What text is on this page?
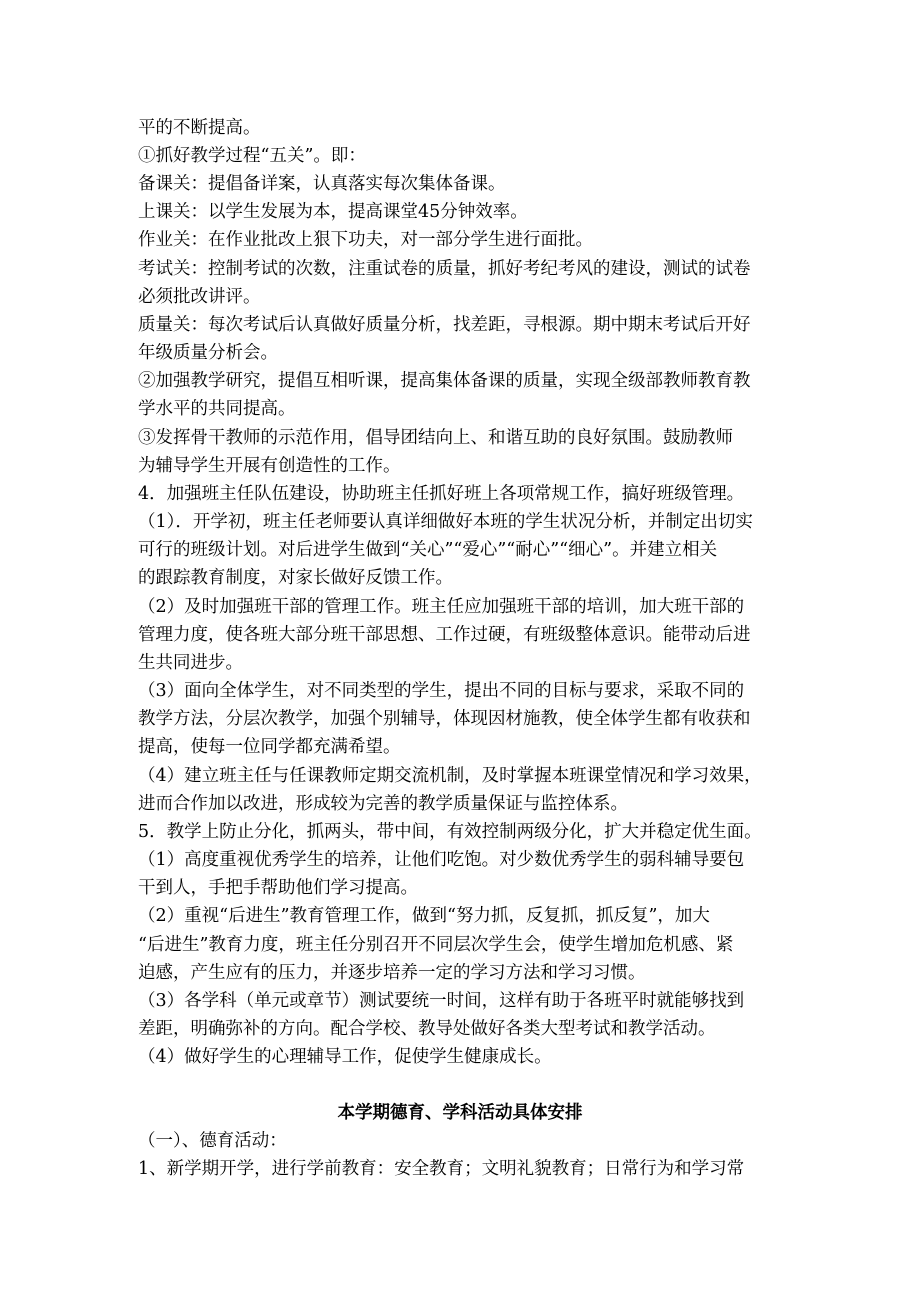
平的不断提高。
①抓好教学过程“五关”。即：
备课关：提倡备详案，认真落实每次集体备课。
上课关：以学生发展为本，提高课堂45分钟效率。
作业关：在作业批改上狠下功夫，对一部分学生进行面批。
考试关：控制考试的次数，注重试卷的质量，抓好考纪考风的建设，测试的试卷
必须批改讲评。
质量关：每次考试后认真做好质量分析，找差距，寻根源。期中期末考试后开好
年级质量分析会。
②加强教学研究，提倡互相听课，提高集体备课的质量，实现全级部教师教育教
学水平的共同提高。
③发挥骨干教师的示范作用，倡导团结向上、和谐互助的良好氛围。鼓励教师
为辅导学生开展有创造性的工作。
4．加强班主任队伍建设，协助班主任抓好班上各项常规工作，搞好班级管理。
（1）．开学初，班主任老师要认真详细做好本班的学生状况分析，并制定出切实
可行的班级计划。对后进学生做到“关心”“爱心”“耐心”“细心”。并建立相关
的跟踪教育制度，对家长做好反馈工作。
（2）及时加强班干部的管理工作。班主任应加强班干部的培训，加大班干部的
管理力度，使各班大部分班干部思想、工作过硬，有班级整体意识。能带动后进
生共同进步。
（3）面向全体学生，对不同类型的学生，提出不同的目标与要求，采取不同的
教学方法，分层次教学，加强个别辅导，体现因材施教，使全体学生都有收获和
提高，使每一位同学都充满希望。
（4）建立班主任与任课教师定期交流机制，及时掌握本班课堂情况和学习效果，
进而合作加以改进，形成较为完善的教学质量保证与监控体系。
5．教学上防止分化，抓两头，带中间，有效控制两级分化，扩大并稳定优生面。
（1）高度重视优秀学生的培养，让他们吃饱。对少数优秀学生的弱科辅导要包
干到人，手把手帮助他们学习提高。
（2）重视“后进生”教育管理工作，做到“努力抓，反复抓，抓反复”，加大
“后进生”教育力度，班主任分别召开不同层次学生会，使学生增加危机感、紧
迫感，产生应有的压力，并逐步培养一定的学习方法和学习习惯。
（3）各学科（单元或章节）测试要统一时间，这样有助于各班平时就能够找到
差距，明确弥补的方向。配合学校、教导处做好各类大型考试和教学活动。
（4）做好学生的心理辅导工作，促使学生健康成长。
本学期德育、学科活动具体安排
（一）、德育活动：
1、新学期开学，进行学前教育：安全教育；文明礼貌教育；日常行为和学习常
